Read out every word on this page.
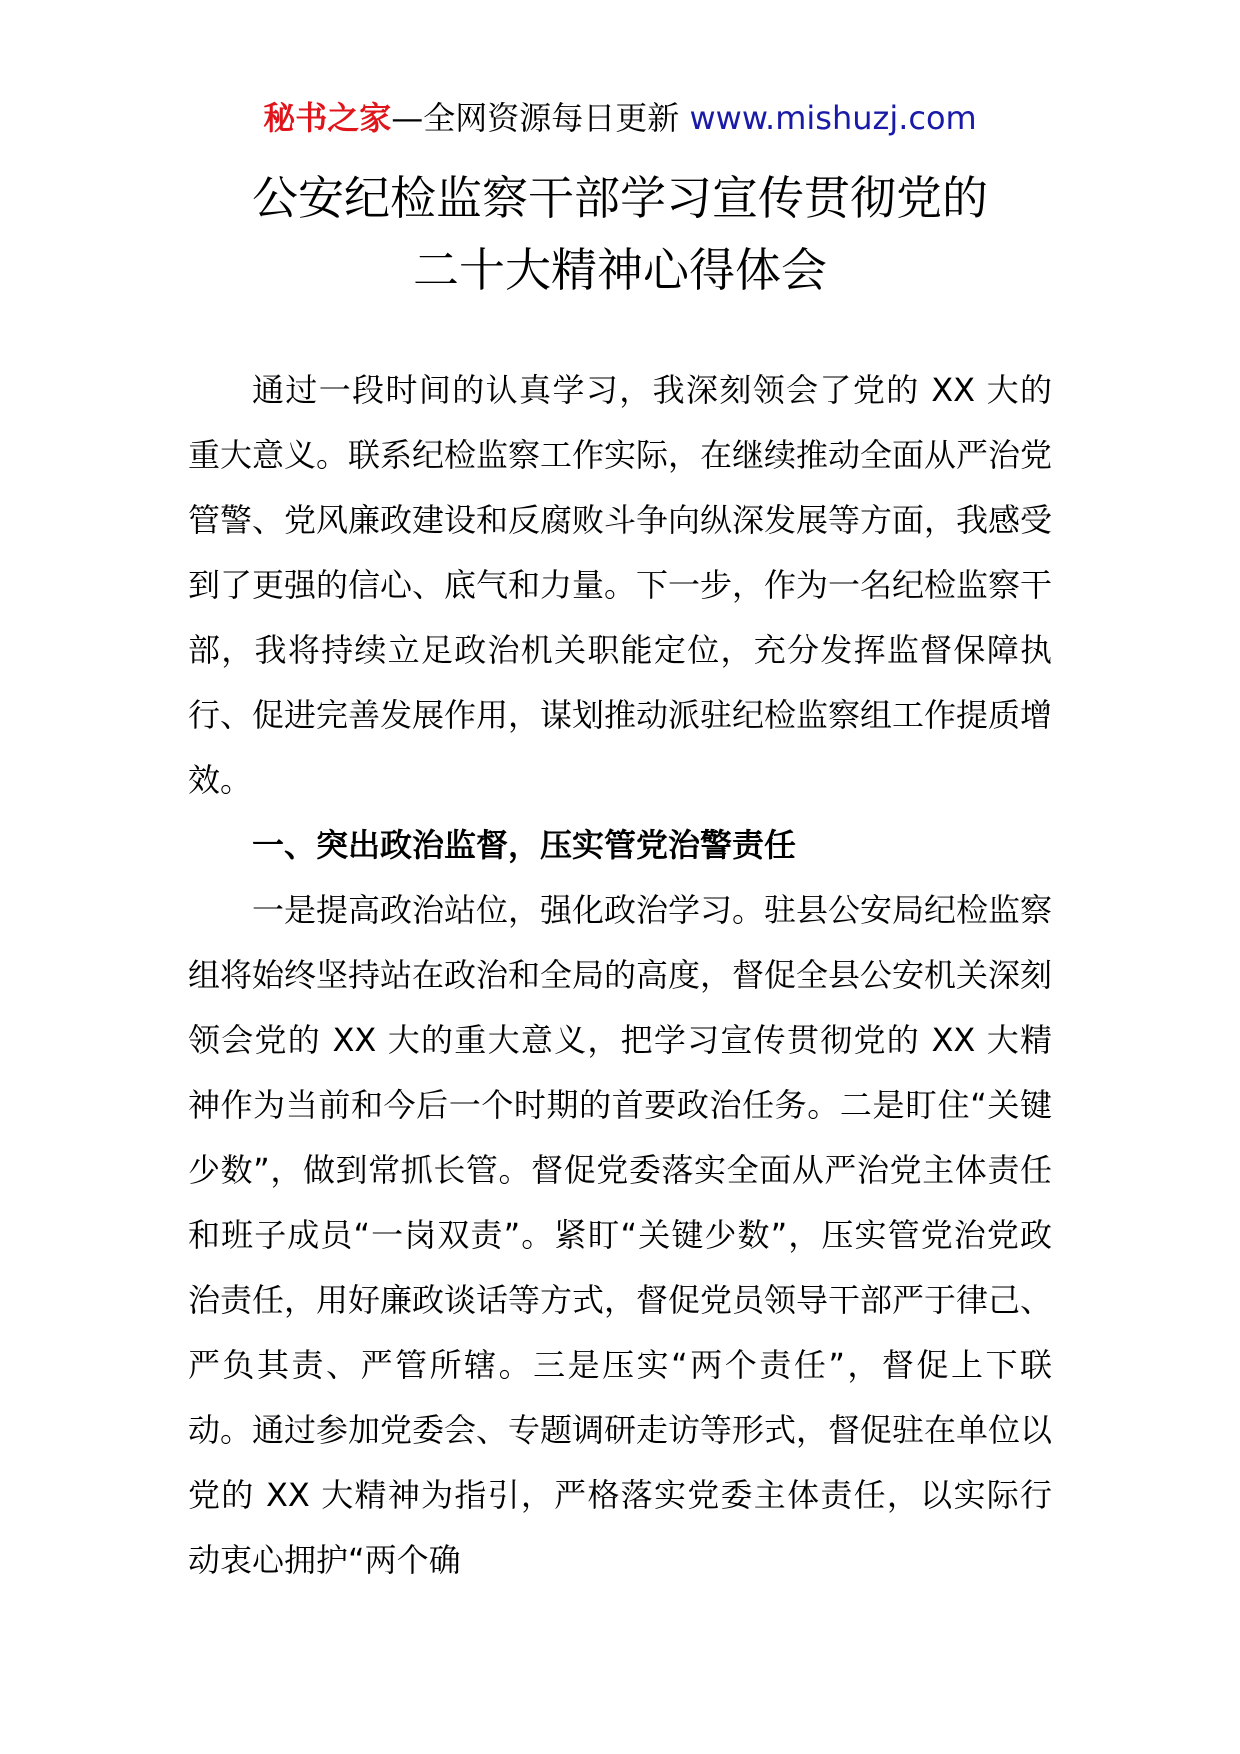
秘书之家—全网资源每日更新 www.mishuzj.com
公安纪检监察干部学习宣传贯彻党的
二十大精神心得体会

通过一段时间的认真学习，我深刻领会了党的 XX 大的重大意义。联系纪检监察工作实际，在继续推动全面从严治党管警、党风廉政建设和反腐败斗争向纵深发展等方面，我感受到了更强的信心、底气和力量。下一步，作为一名纪检监察干部，我将持续立足政治机关职能定位，充分发挥监督保障执行、促进完善发展作用，谋划推动派驻纪检监察组工作提质增效。

一、突出政治监督，压实管党治警责任

一是提高政治站位，强化政治学习。驻县公安局纪检监察组将始终坚持站在政治和全局的高度，督促全县公安机关深刻领会党的 XX 大的重大意义，把学习宣传贯彻党的 XX 大精神作为当前和今后一个时期的首要政治任务。二是盯住“关键少数”，做到常抓长管。督促党委落实全面从严治党主体责任和班子成员“一岗双责”。紧盯“关键少数”，压实管党治党政治责任，用好廉政谈话等方式，督促党员领导干部严于律己、严负其责、严管所辖。三是压实“两个责任”，督促上下联动。通过参加党委会、专题调研走访等形式，督促驻在单位以党的 XX 大精神为指引，严格落实党委主体责任，以实际行动衷心拥护“两个确
